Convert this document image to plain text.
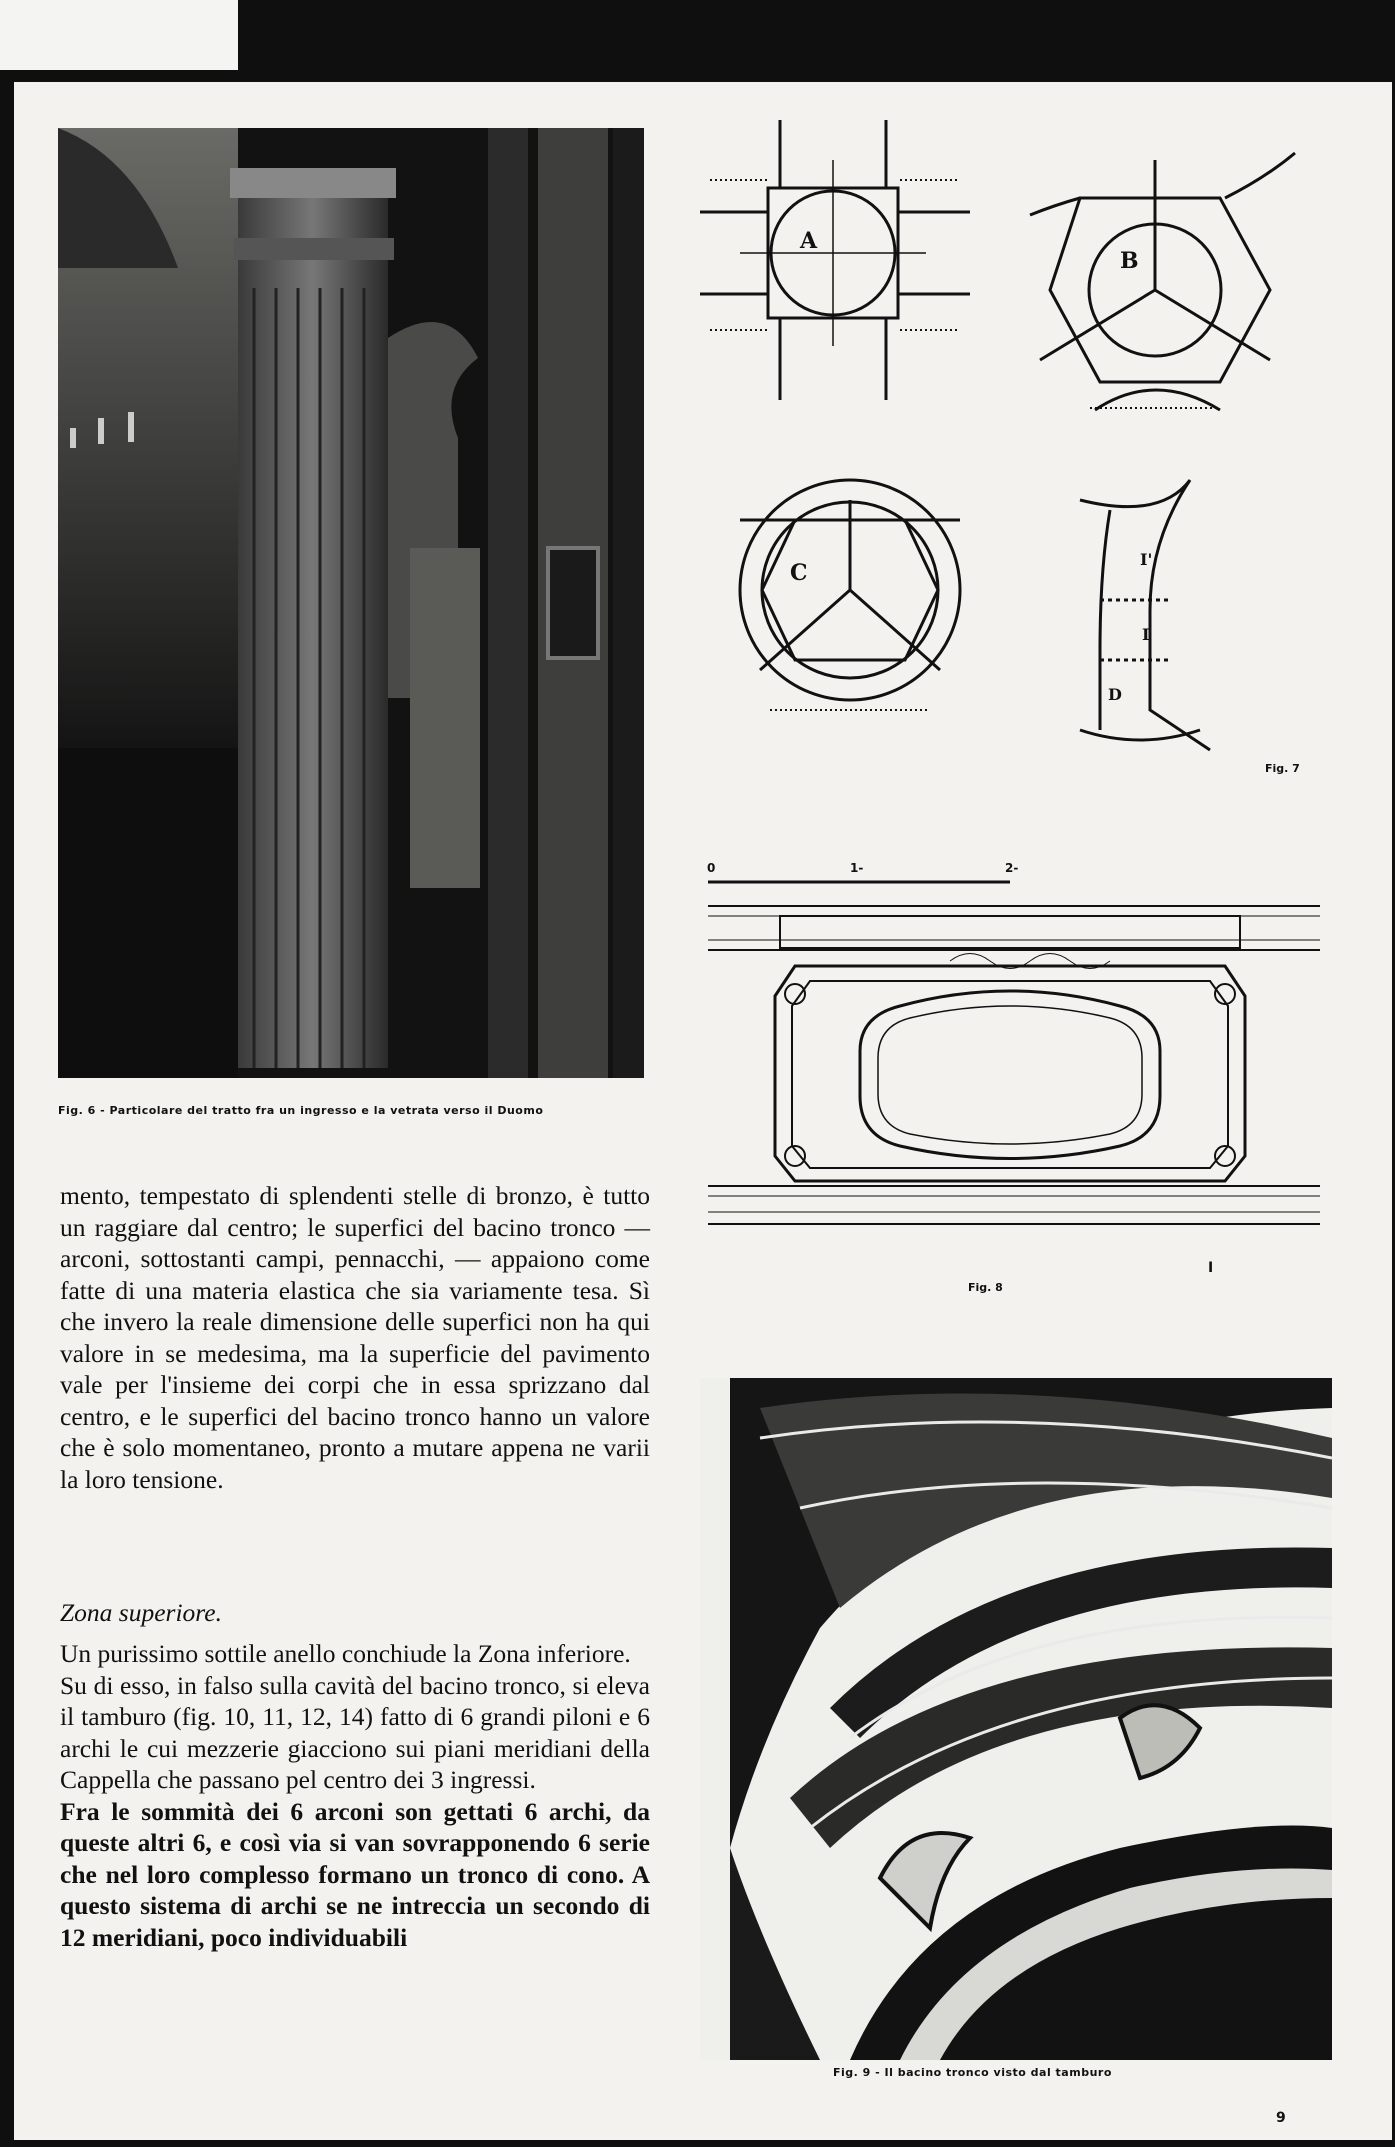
Fig. 6 - Particolare del tratto fra un ingresso e la vetrata verso il Duomo
A
B
C
D
I'
I
Fig. 7
0	1-	2-
Fig. 8
Fig. 9 - Il bacino tronco visto dal tamburo

mento, tempestato di splendenti stelle di bronzo, è tutto un raggiare dal centro; le superfici del bacino tronco — arconi, sottostanti campi, pennacchi, — appaiono come fatte di una materia elastica che sia variamente tesa. Sì che invero la reale dimensione delle superfici non ha qui valore in se medesima, ma la superficie del pavimento vale per l'insieme dei corpi che in essa sprizzano dal centro, e le superfici del bacino tronco hanno un valore che è solo momentaneo, pronto a mutare appena ne varii la loro tensione.

Zona superiore.

Un purissimo sottile anello conchiude la Zona inferiore.

Su di esso, in falso sulla cavità del bacino tronco, si eleva il tamburo (fig. 10, 11, 12, 14) fatto di 6 grandi piloni e 6 archi le cui mezzerie giacciono sui piani meridiani della Cappella che passano pel centro dei 3 ingressi.

Fra le sommità dei 6 arconi son gettati 6 archi, da queste altri 6, e così via si van sovrapponendo 6 serie che nel loro complesso formano un tronco di cono. A questo sistema di archi se ne intreccia un secondo di 12 meridiani, poco individuabili

I
9
